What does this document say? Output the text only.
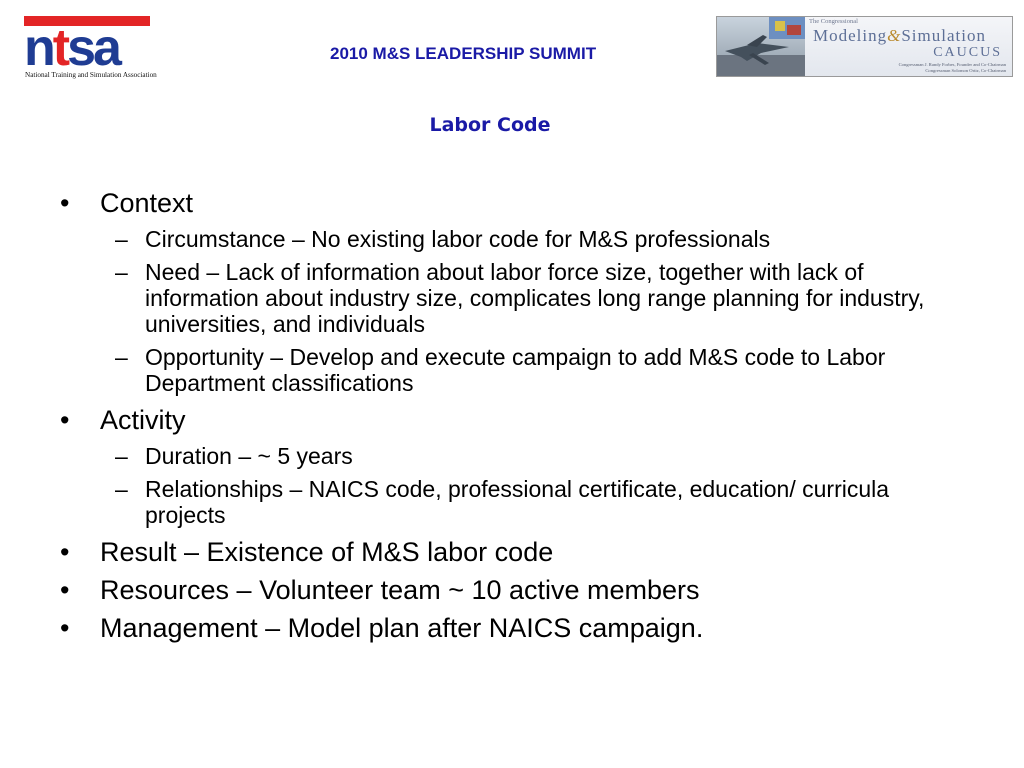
ntsa
National Training and Simulation Association
2010 M&S LEADERSHIP SUMMIT
The Congressional
Modeling&Simulation
CAUCUS
Congressman J. Randy Forbes, Founder and Co-Chairman
Congressman Solomon Ortiz, Co-Chairman
Labor Code
• Context
– Circumstance – No existing labor code for M&S professionals
– Need – Lack of information about labor force size, together with lack of information about industry size, complicates long range planning for industry, universities, and individuals
– Opportunity – Develop and execute campaign to add M&S code to Labor Department classifications
• Activity
– Duration – ~ 5 years
– Relationships – NAICS code, professional certificate, education/ curricula projects
• Result – Existence of M&S labor code
• Resources – Volunteer team ~ 10 active members
• Management – Model plan after NAICS campaign.
